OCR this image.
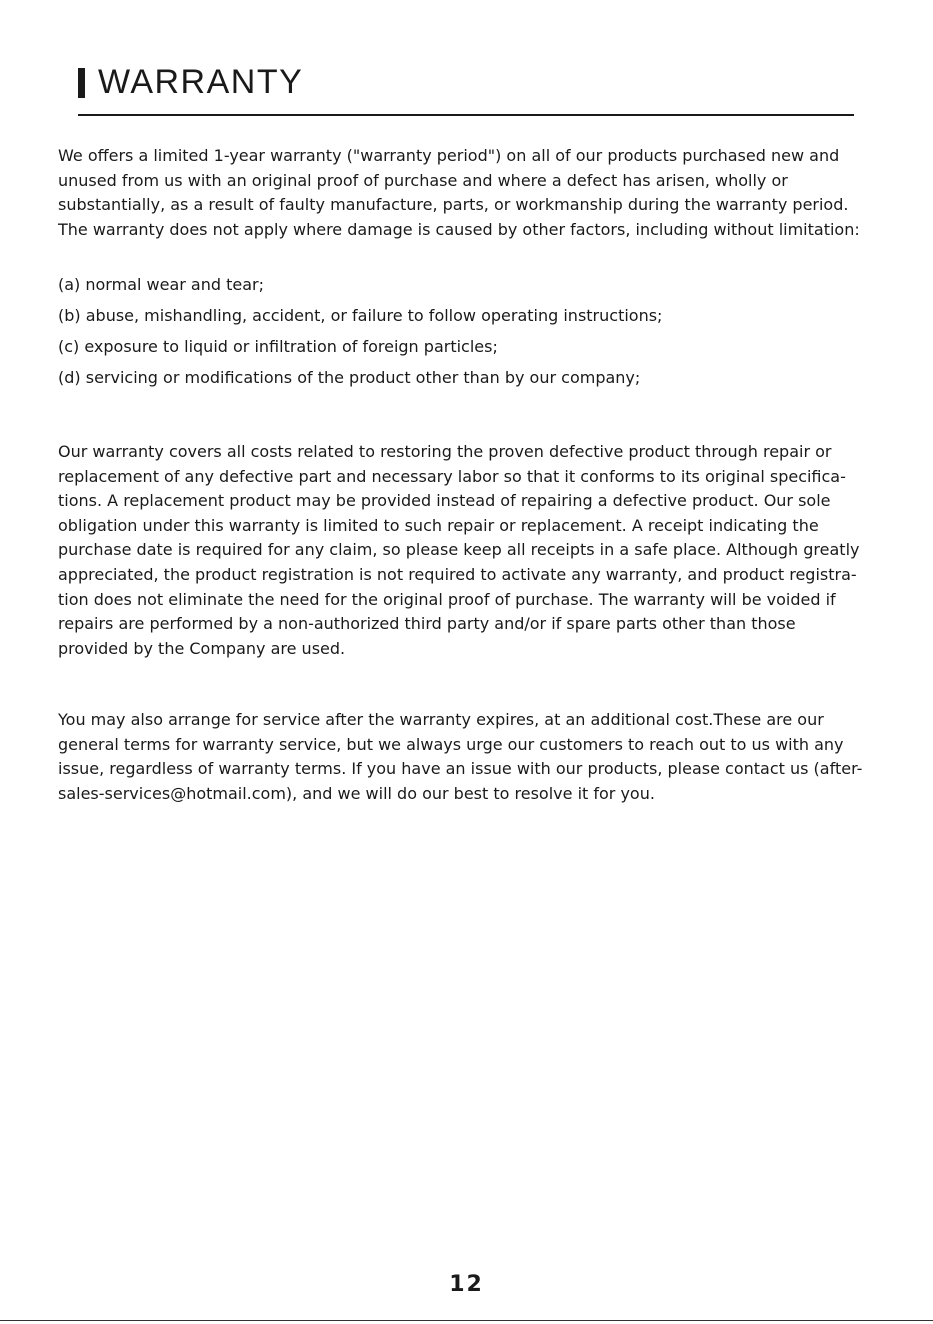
WARRANTY

We offers a limited 1-year warranty ("warranty period") on all of our products purchased new and unused from us with an original proof of purchase and where a defect has arisen, wholly or substantially, as a result of faulty manufacture, parts, or workmanship during the warranty period. The warranty does not apply where damage is caused by other factors, including without limitation:

(a) normal wear and tear;
(b) abuse, mishandling, accident, or failure to follow operating instructions;
(c) exposure to liquid or infiltration of foreign particles;
(d) servicing or modifications of the product other than by our company;

Our warranty covers all costs related to restoring the proven defective product through repair or replacement of any defective part and necessary labor so that it conforms to its original specifica- tions. A replacement product may be provided instead of repairing a defective product. Our sole obligation under this warranty is limited to such repair or replacement. A receipt indicating the purchase date is required for any claim, so please keep all receipts in a safe place. Although greatly appreciated, the product registration is not required to activate any warranty, and product registra- tion does not eliminate the need for the original proof of purchase. The warranty will be voided if repairs are performed by a non-authorized third party and/or if spare parts other than those provided by the Company are used.

You may also arrange for service after the warranty expires, at an additional cost.These are our general terms for warranty service, but we always urge our customers to reach out to us with any issue, regardless of warranty terms. If you have an issue with our products, please contact us (after-sales-services@hotmail.com), and we will do our best to resolve it for you.

12
